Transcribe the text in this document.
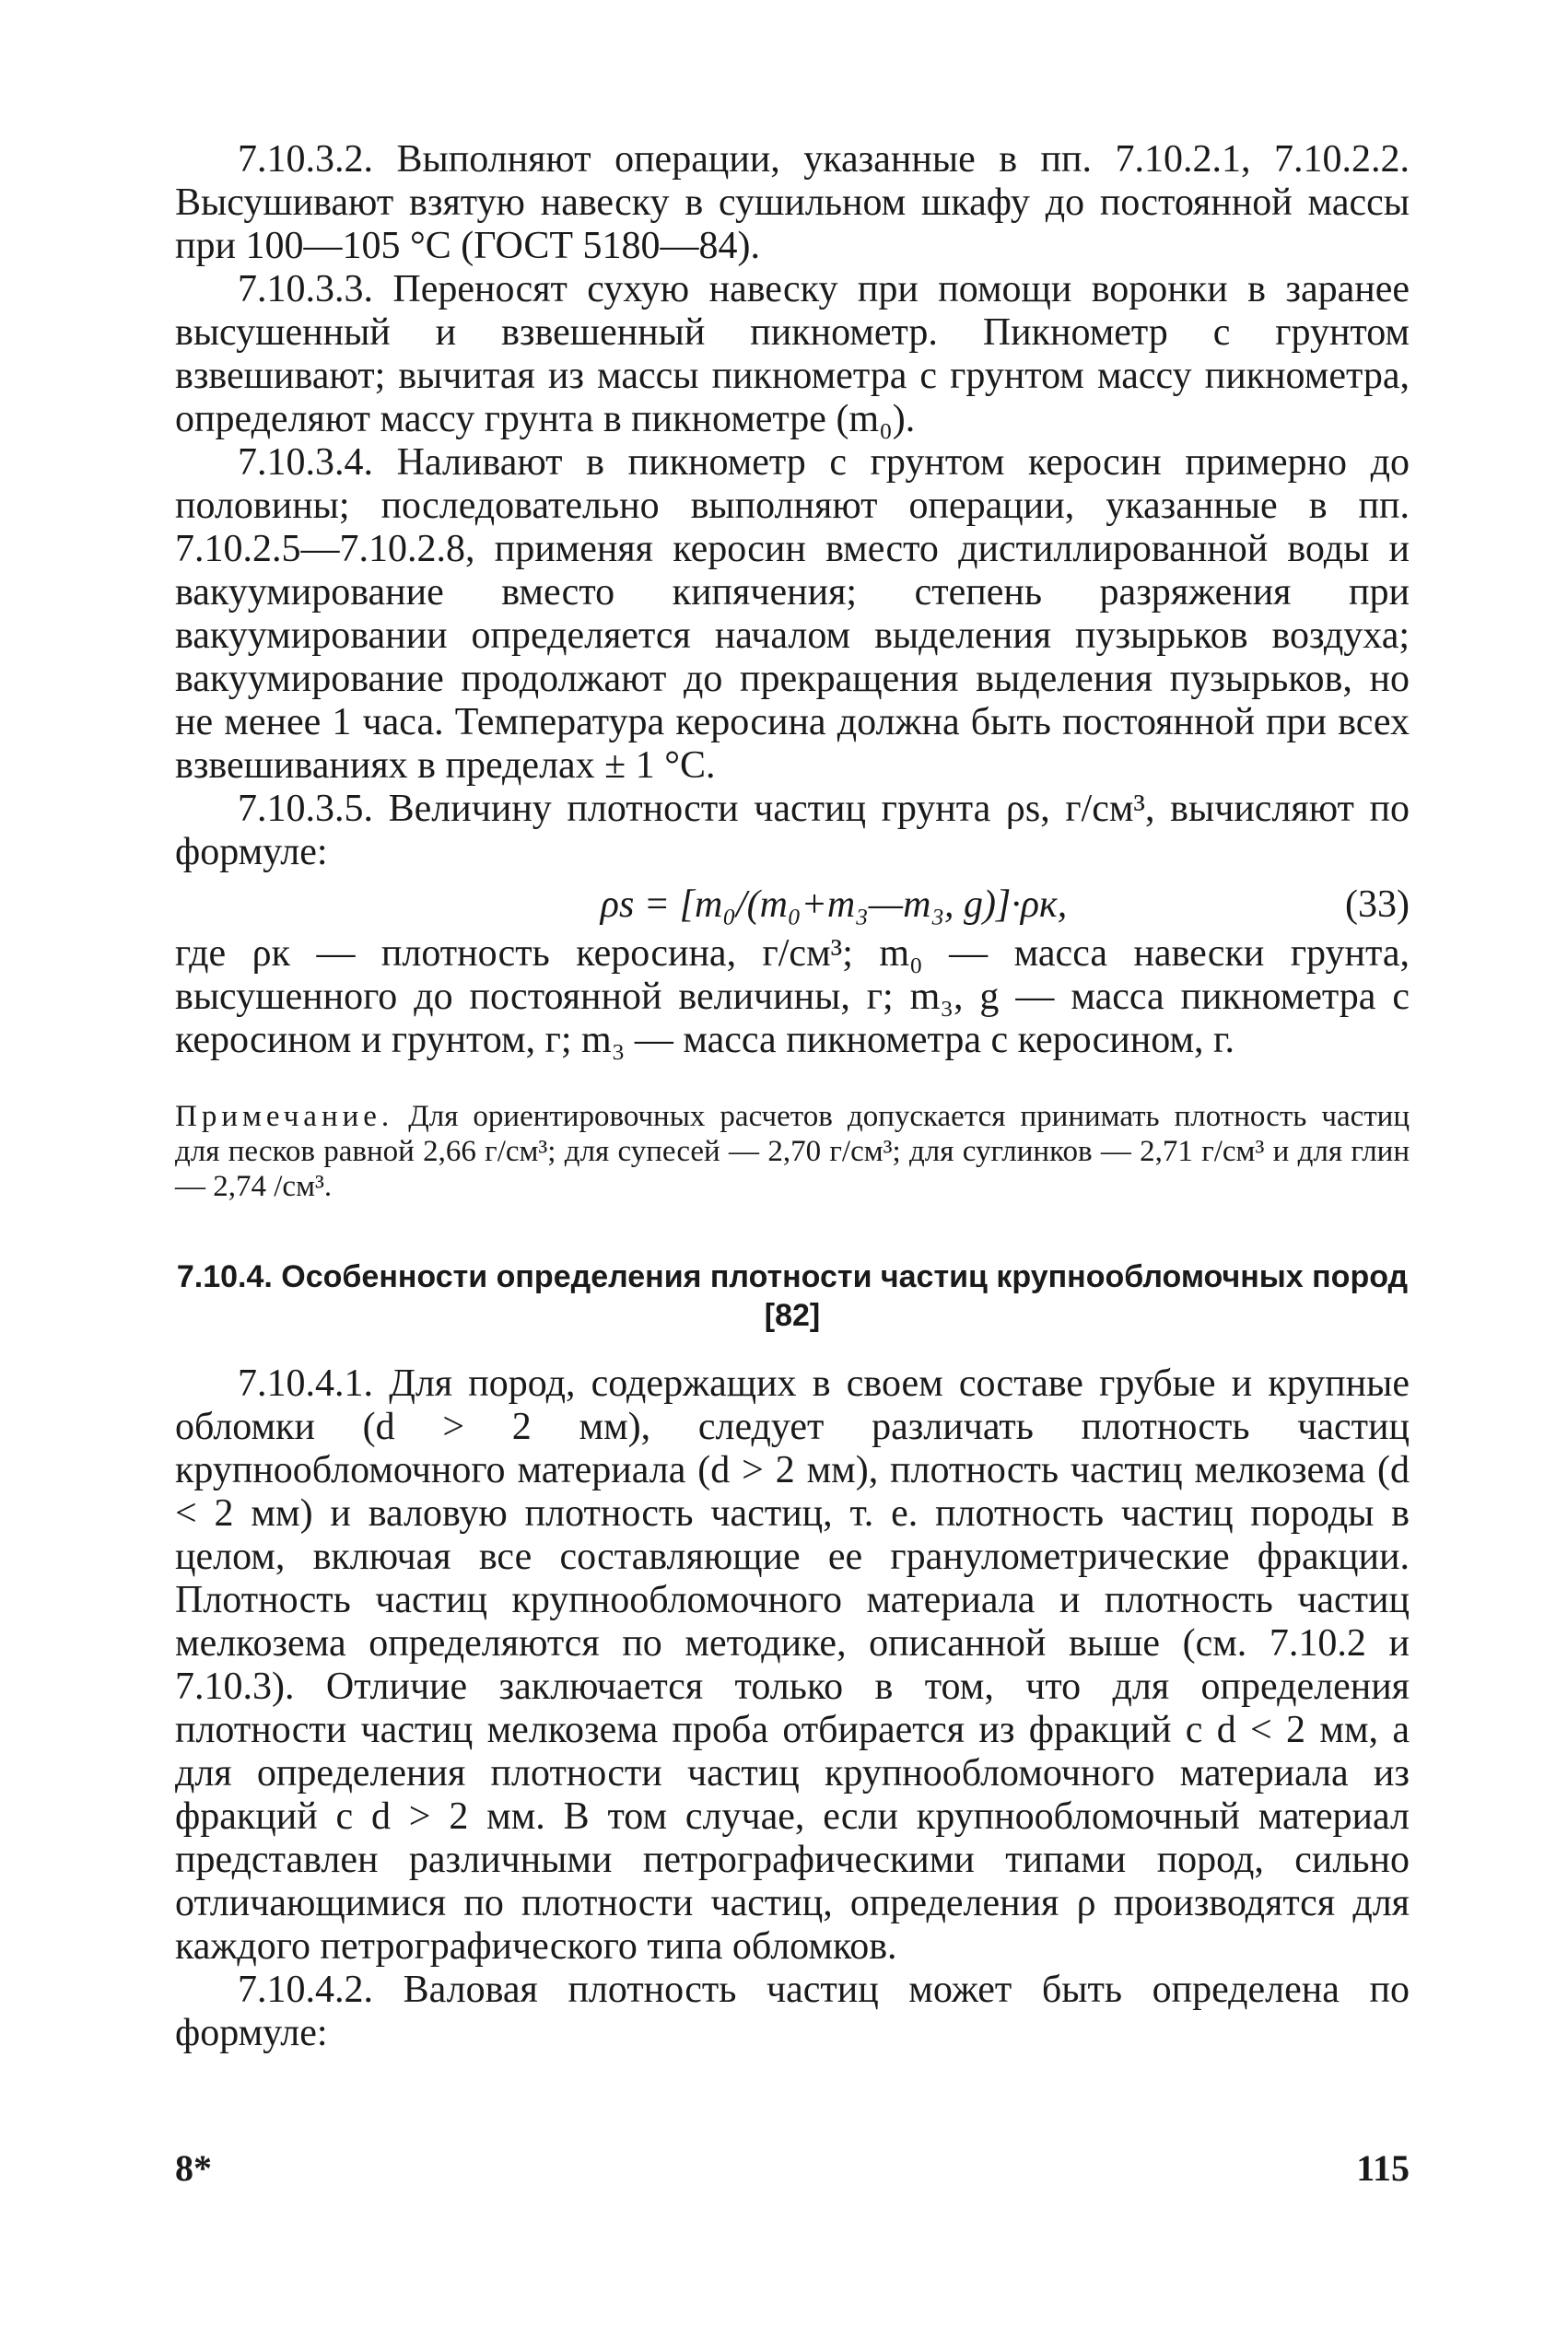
7.10.3.2. Выполняют операции, указанные в пп. 7.10.2.1, 7.10.2.2. Высушивают взятую навеску в сушильном шкафу до постоянной массы при 100—105 °С (ГОСТ 5180—84).

7.10.3.3. Переносят сухую навеску при помощи воронки в заранее высушенный и взвешенный пикнометр. Пикнометр с грунтом взвешивают; вычитая из массы пикнометра с грунтом массу пикнометра, определяют массу грунта в пикнометре (m₀).

7.10.3.4. Наливают в пикнометр с грунтом керосин примерно до половины; последовательно выполняют операции, указанные в пп. 7.10.2.5—7.10.2.8, применяя керосин вместо дистиллированной воды и вакуумирование вместо кипячения; степень разряжения при вакуумировании определяется началом выделения пузырьков воздуха; вакуумирование продолжают до прекращения выделения пузырьков, но не менее 1 часа. Температура керосина должна быть постоянной при всех взвешиваниях в пределах ± 1 °С.

7.10.3.5. Величину плотности частиц грунта ρs, г/см³, вычисляют по формуле:

ρs = [m₀/(m₀+m₃—m₃, g)]·ρк,	(33)

где ρк — плотность керосина, г/см³; m₀ — масса навески грунта, высушенного до постоянной величины, г; m₃, g — масса пикнометра с керосином и грунтом, г; m₃ — масса пикнометра с керосином, г.

Примечание. Для ориентировочных расчетов допускается принимать плотность частиц для песков равной 2,66 г/см³; для супесей — 2,70 г/см³; для суглинков — 2,71 г/см³ и для глин — 2,74 /см³.

7.10.4. Особенности определения плотности частиц крупнообломочных пород [82]

7.10.4.1. Для пород, содержащих в своем составе грубые и крупные обломки (d > 2 мм), следует различать плотность частиц крупнообломочного материала (d > 2 мм), плотность частиц мелкозема (d < 2 мм) и валовую плотность частиц, т. е. плотность частиц породы в целом, включая все составляющие ее гранулометрические фракции. Плотность частиц крупнообломочного материала и плотность частиц мелкозема определяются по методике, описанной выше (см. 7.10.2 и 7.10.3). Отличие заключается только в том, что для определения плотности частиц мелкозема проба отбирается из фракций с d < 2 мм, а для определения плотности частиц крупнообломочного материала из фракций с d > 2 мм. В том случае, если крупнообломочный материал представлен различными петрографическими типами пород, сильно отличающимися по плотности частиц, определения ρ производятся для каждого петрографического типа обломков.

7.10.4.2. Валовая плотность частиц может быть определена по формуле:

8*	115
